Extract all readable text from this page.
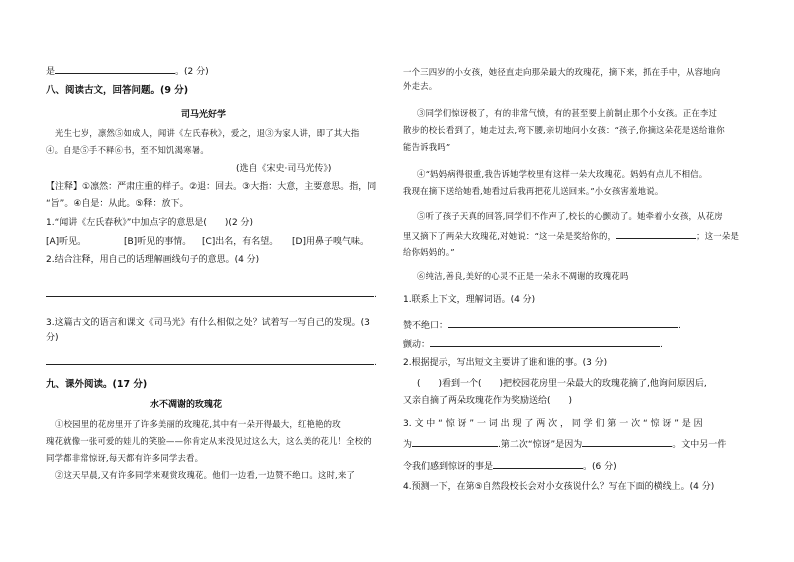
是	。(2 分)
八、阅读古文，回答问题。(9 分)
司马光好学
光生七岁，凛然⑤如成人，闻讲《左氏春秋》，爱之，退③为家人讲，即了其大指
④。自是⑤手不释⑥书，至不知饥渴寒暑。
(选自《宋史·司马光传》)
【注释】①凛然：严肃庄重的样子。②退：回去。③大指：大意，主要意思。指，同
“旨”。④自是：从此。⑤释：放下。
1.“闻讲《左氏春秋》”中加点字的意思是(　　)(2 分)
[A]听见。	[B]听见的事情。 [C]出名，有名望。 [D]用鼻子嗅气味。
2.结合注释，用自己的话理解画线句子的意思。(4 分)
.
3.这篇古文的语言和课文《司马光》有什么相似之处？试着写一写自己的发现。(3
分)
.
九、课外阅读。(17 分)
水不凋谢的玫瑰花
①校园里的花房里开了许多美丽的玫瑰花,其中有一朵开得最大，红艳艳的玫
瑰花就像一张可爱的娃儿的笑脸——你肯定从来没见过这么大，这么美的花儿！全校的
同学都非常惊讶,每天都有许多同学去看。
②这天早晨,又有许多同学来观赏玫瑰花。他们一边看,一边赞不绝口。这时,来了
一个三四岁的小女孩，她径直走向那朵最大的玫瑰花，摘下来，抓在手中，从容地向
外走去。
③同学们惊讶极了，有的非常气愤，有的甚至要上前制止那个小女孩。正在李过
散步的校长看到了，她走过去,弯下腰,亲切地问小女孩：“孩子,你摘这朵花是送给谁你
能告诉我吗”
④“妈妈病得很重,我告诉她学校里有这样一朵大玫瑰花。妈妈有点儿不相信。
我现在摘下送给她看,她看过后我再把花儿送回来。”小女孩害羞地说。
⑤听了孩子天真的回答,同学们不作声了,校长的心颤动了。她牵着小女孩，从花房
里又摘下了两朵大玫瑰花,对她说：“这一朵是奖给你的，	；这一朵是
给你妈妈的。”
⑥纯洁,善良,美好的心灵不正是一朵永不凋谢的玫瑰花吗
1.联系上下文，理解词语。(4 分)
赞不绝口：	.
颤动：	.
2.根据提示，写出短文主要讲了谁和谁的事。(3 分)
(　　)看到一个(　　)把校园花房里一朵最大的玫瑰花摘了,他询问原因后,
又亲自摘了两朵玫瑰花作为奖励送给(　　)
3. 文 中 “ 惊 讶 ” 一 词 出 现 了 两 次 ， 同 学 们 第 一 次 “ 惊 讶 ” 是 因
为	.第二次“惊讶”是因为	。文中另一件
令我们感到惊讶的事是	。(6 分)
4.预测一下，在第⑤自然段校长会对小女孩说什么？写在下面的横线上。(4 分)
